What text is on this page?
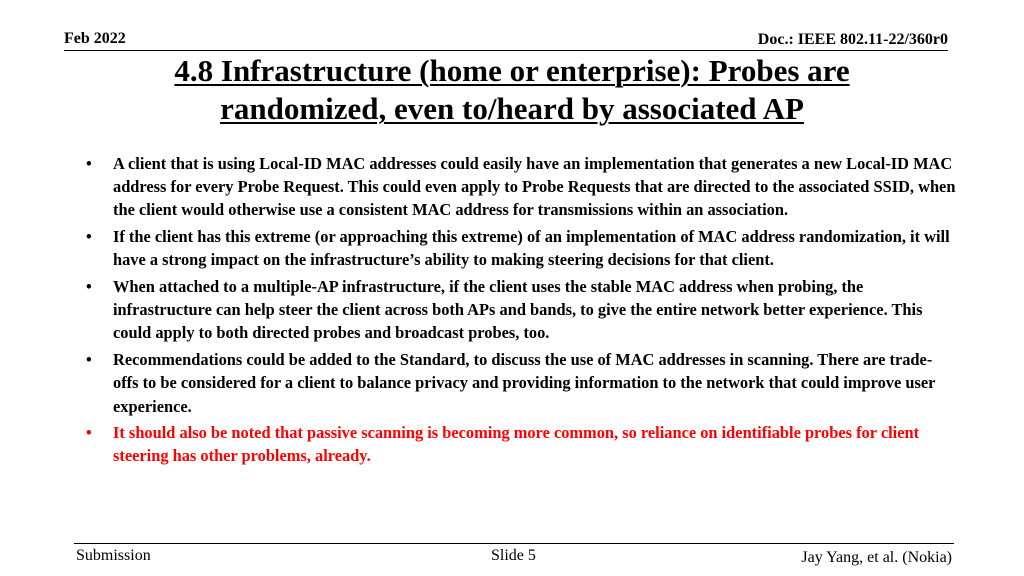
Feb 2022	Doc.: IEEE 802.11-22/360r0
4.8 Infrastructure (home or enterprise): Probes are
randomized, even to/heard by associated AP
• A client that is using Local-ID MAC addresses could easily have an implementation that generates a new Local-ID MAC address for every Probe Request. This could even apply to Probe Requests that are directed to the associated SSID, when the client would otherwise use a consistent MAC address for transmissions within an association.
• If the client has this extreme (or approaching this extreme) of an implementation of MAC address randomization, it will have a strong impact on the infrastructure’s ability to making steering decisions for that client.
• When attached to a multiple-AP infrastructure, if the client uses the stable MAC address when probing, the infrastructure can help steer the client across both APs and bands, to give the entire network better experience. This could apply to both directed probes and broadcast probes, too.
• Recommendations could be added to the Standard, to discuss the use of MAC addresses in scanning. There are trade-offs to be considered for a client to balance privacy and providing information to the network that could improve user experience.
• It should also be noted that passive scanning is becoming more common, so reliance on identifiable probes for client steering has other problems, already.
Submission	Slide 5	Jay Yang, et al. (Nokia)
